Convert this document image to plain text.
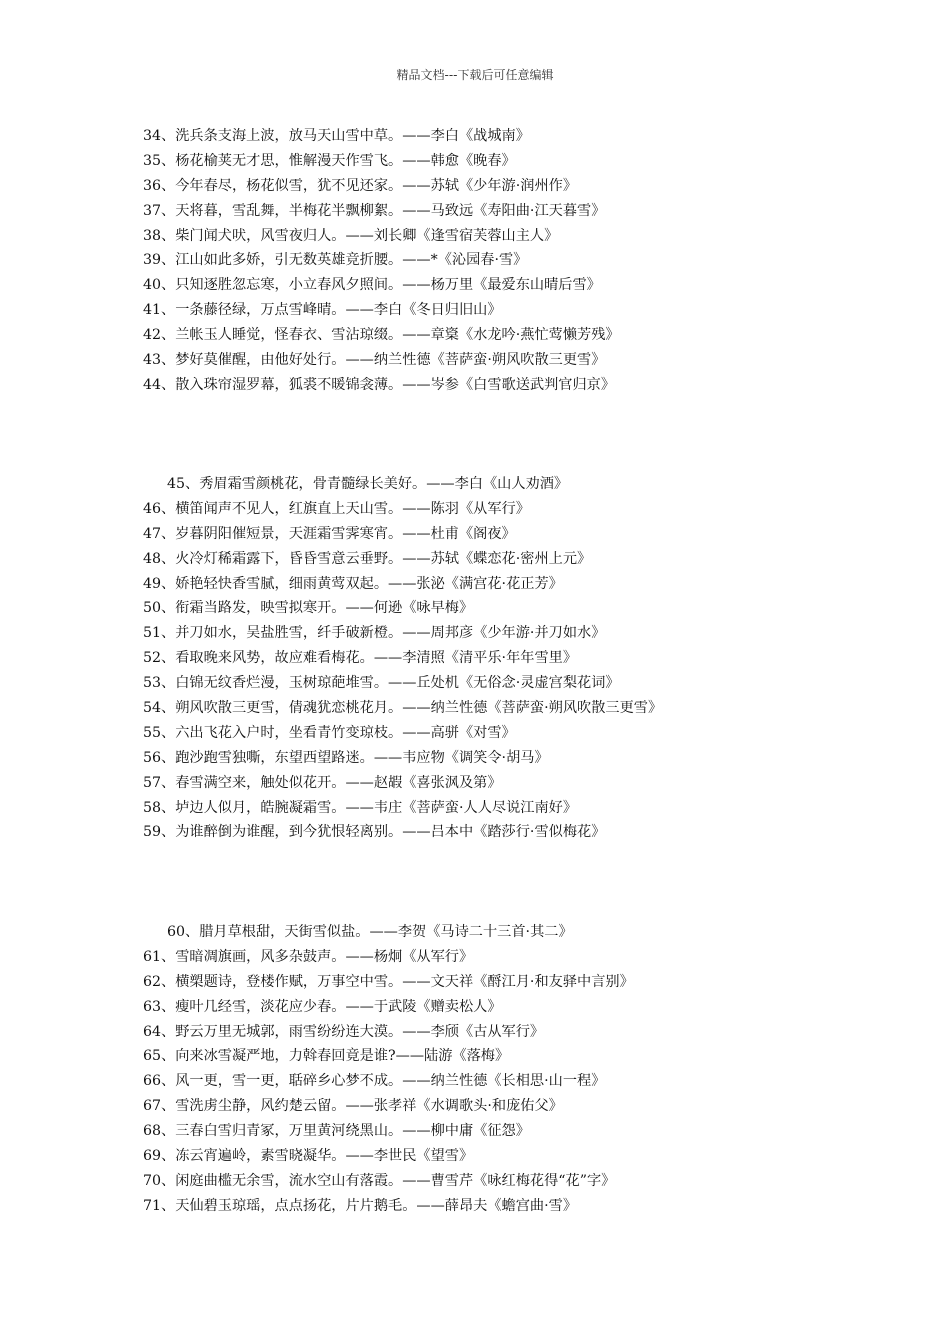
精品文档---下载后可任意编辑
34、洗兵条支海上波，放马天山雪中草。——李白《战城南》
35、杨花榆荚无才思，惟解漫天作雪飞。——韩愈《晚春》
36、今年春尽，杨花似雪，犹不见还家。——苏轼《少年游·润州作》
37、天将暮，雪乱舞，半梅花半飘柳絮。——马致远《寿阳曲·江天暮雪》
38、柴门闻犬吠，风雪夜归人。——刘长卿《逢雪宿芙蓉山主人》
39、江山如此多娇，引无数英雄竞折腰。——*《沁园春·雪》
40、只知逐胜忽忘寒，小立春风夕照间。——杨万里《最爱东山晴后雪》
41、一条藤径绿，万点雪峰晴。——李白《冬日归旧山》
42、兰帐玉人睡觉，怪春衣、雪沾琼缀。——章楶《水龙吟·燕忙莺懒芳残》
43、梦好莫催醒，由他好处行。——纳兰性德《菩萨蛮·朔风吹散三更雪》
44、散入珠帘湿罗幕，狐裘不暖锦衾薄。——岑参《白雪歌送武判官归京》
45、秀眉霜雪颜桃花，骨青髓绿长美好。——李白《山人劝酒》
46、横笛闻声不见人，红旗直上天山雪。——陈羽《从军行》
47、岁暮阴阳催短景，天涯霜雪霁寒宵。——杜甫《阁夜》
48、火冷灯稀霜露下，昏昏雪意云垂野。——苏轼《蝶恋花·密州上元》
49、娇艳轻快香雪腻，细雨黄莺双起。——张泌《满宫花·花正芳》
50、衔霜当路发，映雪拟寒开。——何逊《咏早梅》
51、并刀如水，吴盐胜雪，纤手破新橙。——周邦彦《少年游·并刀如水》
52、看取晚来风势，故应难看梅花。——李清照《清平乐·年年雪里》
53、白锦无纹香烂漫，玉树琼葩堆雪。——丘处机《无俗念·灵虚宫梨花词》
54、朔风吹散三更雪，倩魂犹恋桃花月。——纳兰性德《菩萨蛮·朔风吹散三更雪》
55、六出飞花入户时，坐看青竹变琼枝。——高骈《对雪》
56、跑沙跑雪独嘶，东望西望路迷。——韦应物《调笑令·胡马》
57、春雪满空来，触处似花开。——赵嘏《喜张沨及第》
58、垆边人似月，皓腕凝霜雪。——韦庄《菩萨蛮·人人尽说江南好》
59、为谁醉倒为谁醒，到今犹恨轻离别。——吕本中《踏莎行·雪似梅花》
60、腊月草根甜，天街雪似盐。——李贺《马诗二十三首·其二》
61、雪暗凋旗画，风多杂鼓声。——杨炯《从军行》
62、横槊题诗，登楼作赋，万事空中雪。——文天祥《酹江月·和友驿中言别》
63、瘦叶几经雪，淡花应少春。——于武陵《赠卖松人》
64、野云万里无城郭，雨雪纷纷连大漠。——李颀《古从军行》
65、向来冰雪凝严地，力斡春回竟是谁?——陆游《落梅》
66、风一更，雪一更，聒碎乡心梦不成。——纳兰性德《长相思·山一程》
67、雪洗虏尘静，风约楚云留。——张孝祥《水调歌头·和庞佑父》
68、三春白雪归青冢，万里黄河绕黑山。——柳中庸《征怨》
69、冻云宵遍岭，素雪晓凝华。——李世民《望雪》
70、闲庭曲槛无余雪，流水空山有落霞。——曹雪芹《咏红梅花得“花”字》
71、天仙碧玉琼瑶，点点扬花，片片鹅毛。——薛昂夫《蟾宫曲·雪》
